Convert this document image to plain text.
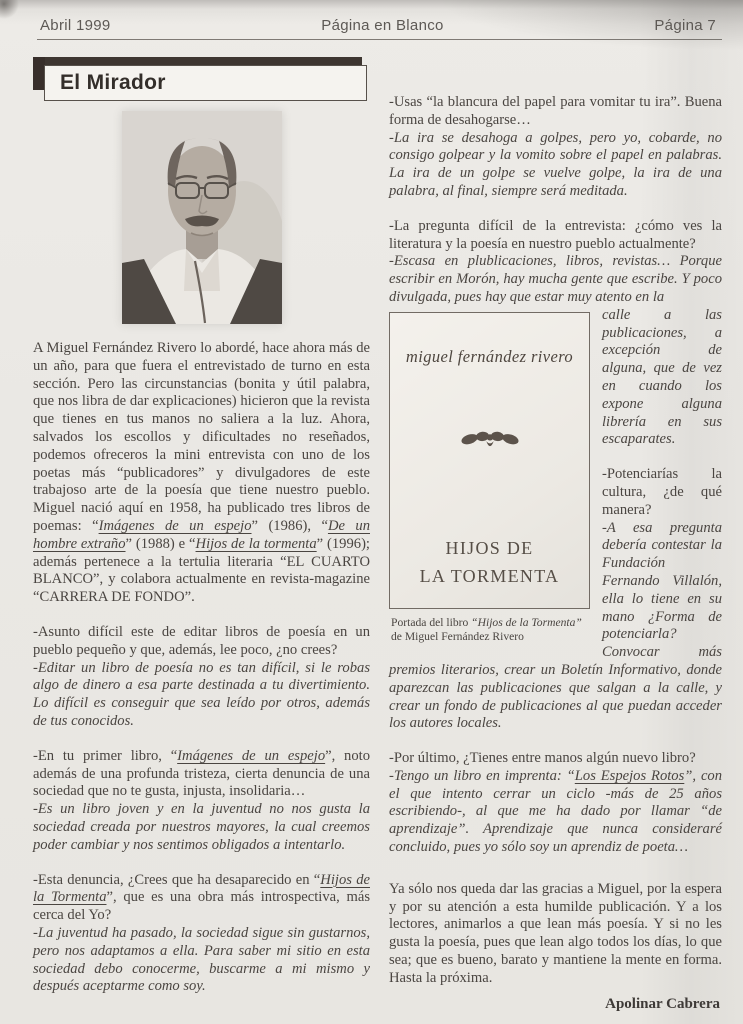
Abril 1999	Página en Blanco	Página 7
El Mirador

A Miguel Fernández Rivero lo abordé, hace ahora más de un año, para que fuera el entrevistado de turno en esta sección. Pero las circunstancias (bonita y útil palabra, que nos libra de dar explicaciones) hicieron que la revista que tienes en tus manos no saliera a la luz. Ahora, salvados los escollos y dificultades no reseñados, podemos ofreceros la mini entrevista con uno de los poetas más “publicadores” y divulgadores de este trabajoso arte de la poesía que tiene nuestro pueblo. Miguel nació aquí en 1958, ha publicado tres libros de poemas: “Imágenes de un espejo” (1986), “De un hombre extraño” (1988) e “Hijos de la tormenta” (1996); además pertenece a la tertulia literaria “EL CUARTO BLANCO”, y colabora actualmente en revista-magazine “CARRERA DE FONDO”.

-Asunto difícil este de editar libros de poesía en un pueblo pequeño y que, además, lee poco, ¿no crees?

-Editar un libro de poesía no es tan difícil, si le robas algo de dinero a esa parte destinada a tu divertimiento. Lo difícil es conseguir que sea leído por otros, además de tus conocidos.

-En tu primer libro, “Imágenes de un espejo”, noto además de una profunda tristeza, cierta denuncia de una sociedad que no te gusta, injusta, insolidaria…

-Es un libro joven y en la juventud no nos gusta la sociedad creada por nuestros mayores, la cual creemos poder cambiar y nos sentimos obligados a intentarlo.

-Esta denuncia, ¿Crees que ha desaparecido en “Hijos de la Tormenta”, que es una obra más introspectiva, más cerca del Yo?

-La juventud ha pasado, la sociedad sigue sin gustarnos, pero nos adaptamos a ella. Para saber mi sitio en esta sociedad debo conocerme, buscarme a mi mismo y después aceptarme como soy.

-Usas “la blancura del papel para vomitar tu ira”. Buena forma de desahogarse…

-La ira se desahoga a golpes, pero yo, cobarde, no consigo golpear y la vomito sobre el papel en palabras. La ira de un golpe se vuelve golpe, la ira de una palabra, al final, siempre será meditada.

-La pregunta difícil de la entrevista: ¿cómo ves la literatura y la poesía en nuestro pueblo actualmente?

-Escasa en plublicaciones, libros, revistas… Porque escribir en Morón, hay mucha gente que escribe. Y poco divulgada, pues hay que estar muy atento en la

miguel fernández rivero
HIJOS DE
LA TORMENTA

Portada del libro “Hijos de la Tormenta” de Miguel Fernández Rivero

calle a las publicaciones, a excepción de alguna, que de vez en cuando los expone alguna librería en sus escaparates.

-Potenciarías la cultura, ¿de qué manera?

-A esa pregunta debería contestar la Fundación Fernando Villalón, ella lo tiene en su mano ¿Forma de potenciarla? Convocar más premios literarios, crear un Boletín Informativo, donde aparezcan las publicaciones que salgan a la calle, y crear un fondo de publicaciones al que puedan acceder los autores locales.

-Por último, ¿Tienes entre manos algún nuevo libro?

-Tengo un libro en imprenta: “Los Espejos Rotos”, con el que intento cerrar un ciclo -más de 25 años escribiendo-, al que me ha dado por llamar “de aprendizaje”. Aprendizaje que nunca consideraré concluido, pues yo sólo soy un aprendiz de poeta…

Ya sólo nos queda dar las gracias a Miguel, por la espera y por su atención a esta humilde publicación. Y a los lectores, animarlos a que lean más poesía. Y si no les gusta la poesía, pues que lean algo todos los días, lo que sea; que es bueno, barato y mantiene la mente en forma. Hasta la próxima.

Apolinar Cabrera
